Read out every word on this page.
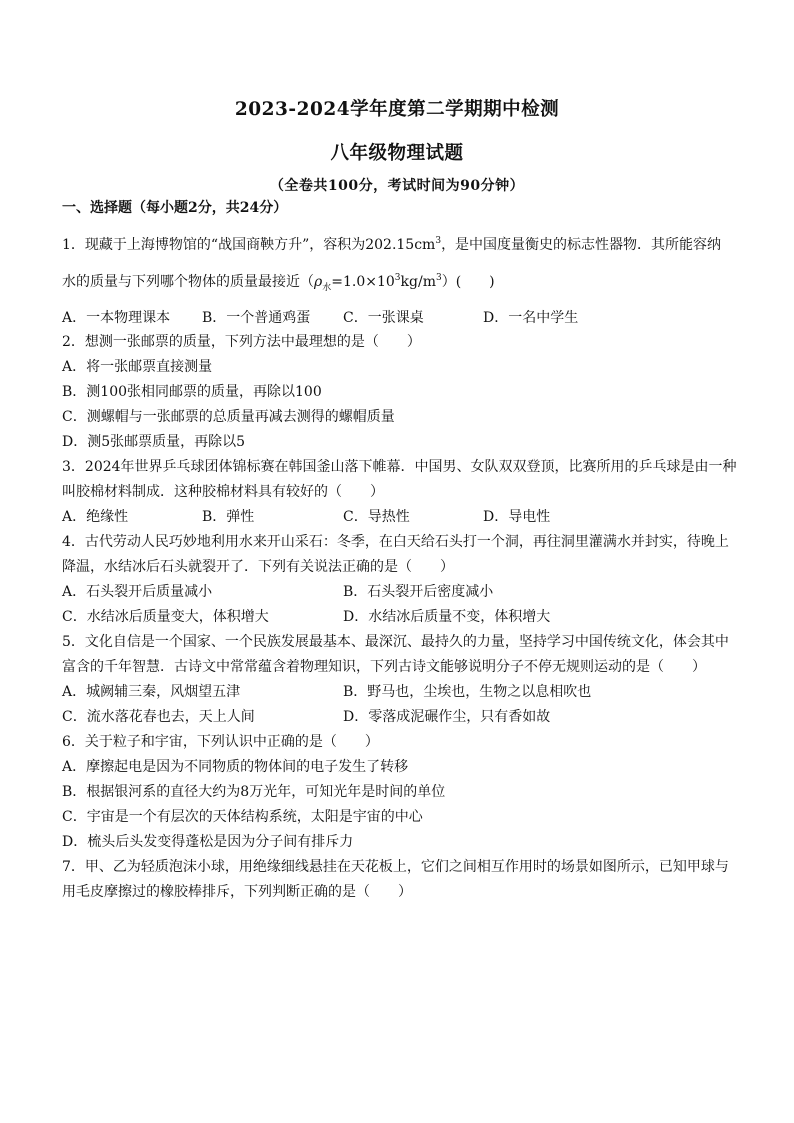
2023-2024学年度第二学期期中检测
八年级物理试题
（全卷共100分，考试时间为90分钟）
一、选择题（每小题2分，共24分）
1．现藏于上海博物馆的“战国商鞅方升”，容积为$202.15cm^3$，是中国度量衡史的标志性器物．其所能容纳
水的质量与下列哪个物体的质量最接近$(\rho_水=1.0\times 10^3kg/m^3)$(　　)
A．一本物理课本 B．一个普通鸡蛋 C．一张课桌	D．一名中学生
2．想测一张邮票的质量，下列方法中最理想的是（　　）
A．将一张邮票直接测量
B．测100张相同邮票的质量，再除以100
C．测螺帽与一张邮票的总质量再减去测得的螺帽质量
D．测5张邮票质量，再除以5
3．2024年世界乒乓球团体锦标赛在韩国釜山落下帷幕．中国男、女队双双登顶，比赛所用的乒乓球是由一种
叫胶棉材料制成．这种胶棉材料具有较好的（　　）
A．绝缘性	B．弹性	C．导热性	D．导电性
4．古代劳动人民巧妙地利用水来开山采石：冬季，在白天给石头打一个洞，再往洞里灌满水并封实，待晚上
降温，水结冰后石头就裂开了．下列有关说法正确的是（　　）
A．石头裂开后质量减小	B．石头裂开后密度减小
C．水结冰后质量变大，体积增大	D．水结冰后质量不变，体积增大
5．文化自信是一个国家、一个民族发展最基本、最深沉、最持久的力量，坚持学习中国传统文化，体会其中
富含的千年智慧．古诗文中常常蕴含着物理知识，下列古诗文能够说明分子不停无规则运动的是（　　）
A．城阙辅三秦，风烟望五津	B．野马也，尘埃也，生物之以息相吹也
C．流水落花春也去，天上人间	D．零落成泥碾作尘，只有香如故
6．关于粒子和宇宙，下列认识中正确的是（　　）
A．摩擦起电是因为不同物质的物体间的电子发生了转移
B．根据银河系的直径大约为8万光年，可知光年是时间的单位
C．宇宙是一个有层次的天体结构系统，太阳是宇宙的中心
D．梳头后头发变得蓬松是因为分子间有排斥力
7．甲、乙为轻质泡沫小球，用绝缘细线悬挂在天花板上，它们之间相互作用时的场景如图所示，已知甲球与
用毛皮摩擦过的橡胶棒排斥，下列判断正确的是（　　）
